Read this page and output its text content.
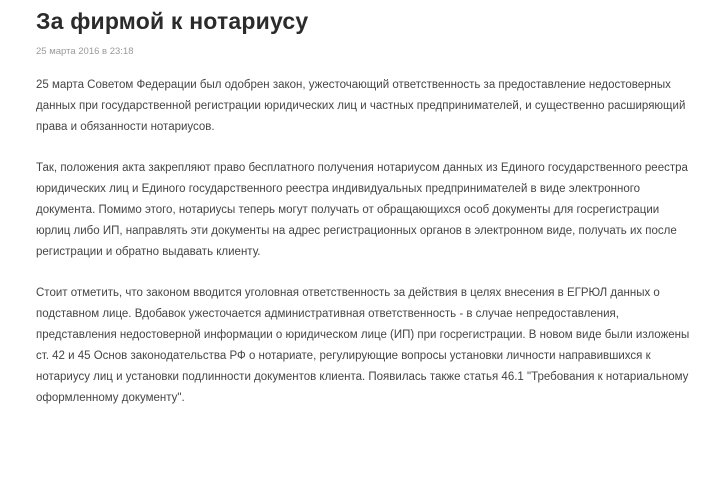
За фирмой к нотариусу
25 марта 2016 в 23:18

25 марта Советом Федерации был одобрен закон, ужесточающий ответственность за предоставление недостоверных данных при государственной регистрации юридических лиц и частных предпринимателей, и существенно расширяющий права и обязанности нотариусов.

Так, положения акта закрепляют право бесплатного получения нотариусом данных из Единого государственного реестра юридических лиц и Единого государственного реестра индивидуальных предпринимателей в виде электронного документа. Помимо этого, нотариусы теперь могут получать от обращающихся особ документы для госрегистрации юрлиц либо ИП, направлять эти документы на адрес регистрационных органов в электронном виде, получать их после регистрации и обратно выдавать клиенту.

Стоит отметить, что законом вводится уголовная ответственность за действия в целях внесения в ЕГРЮЛ данных о подставном лице. Вдобавок ужесточается административная ответственность - в случае непредоставления, представления недостоверной информации о юридическом лице (ИП) при госрегистрации. В новом виде были изложены ст. 42 и 45 Основ законодательства РФ о нотариате, регулирующие вопросы установки личности направившихся к нотариусу лиц и установки подлинности документов клиента. Появилась также статья 46.1 "Требования к нотариальному оформленному документу".
